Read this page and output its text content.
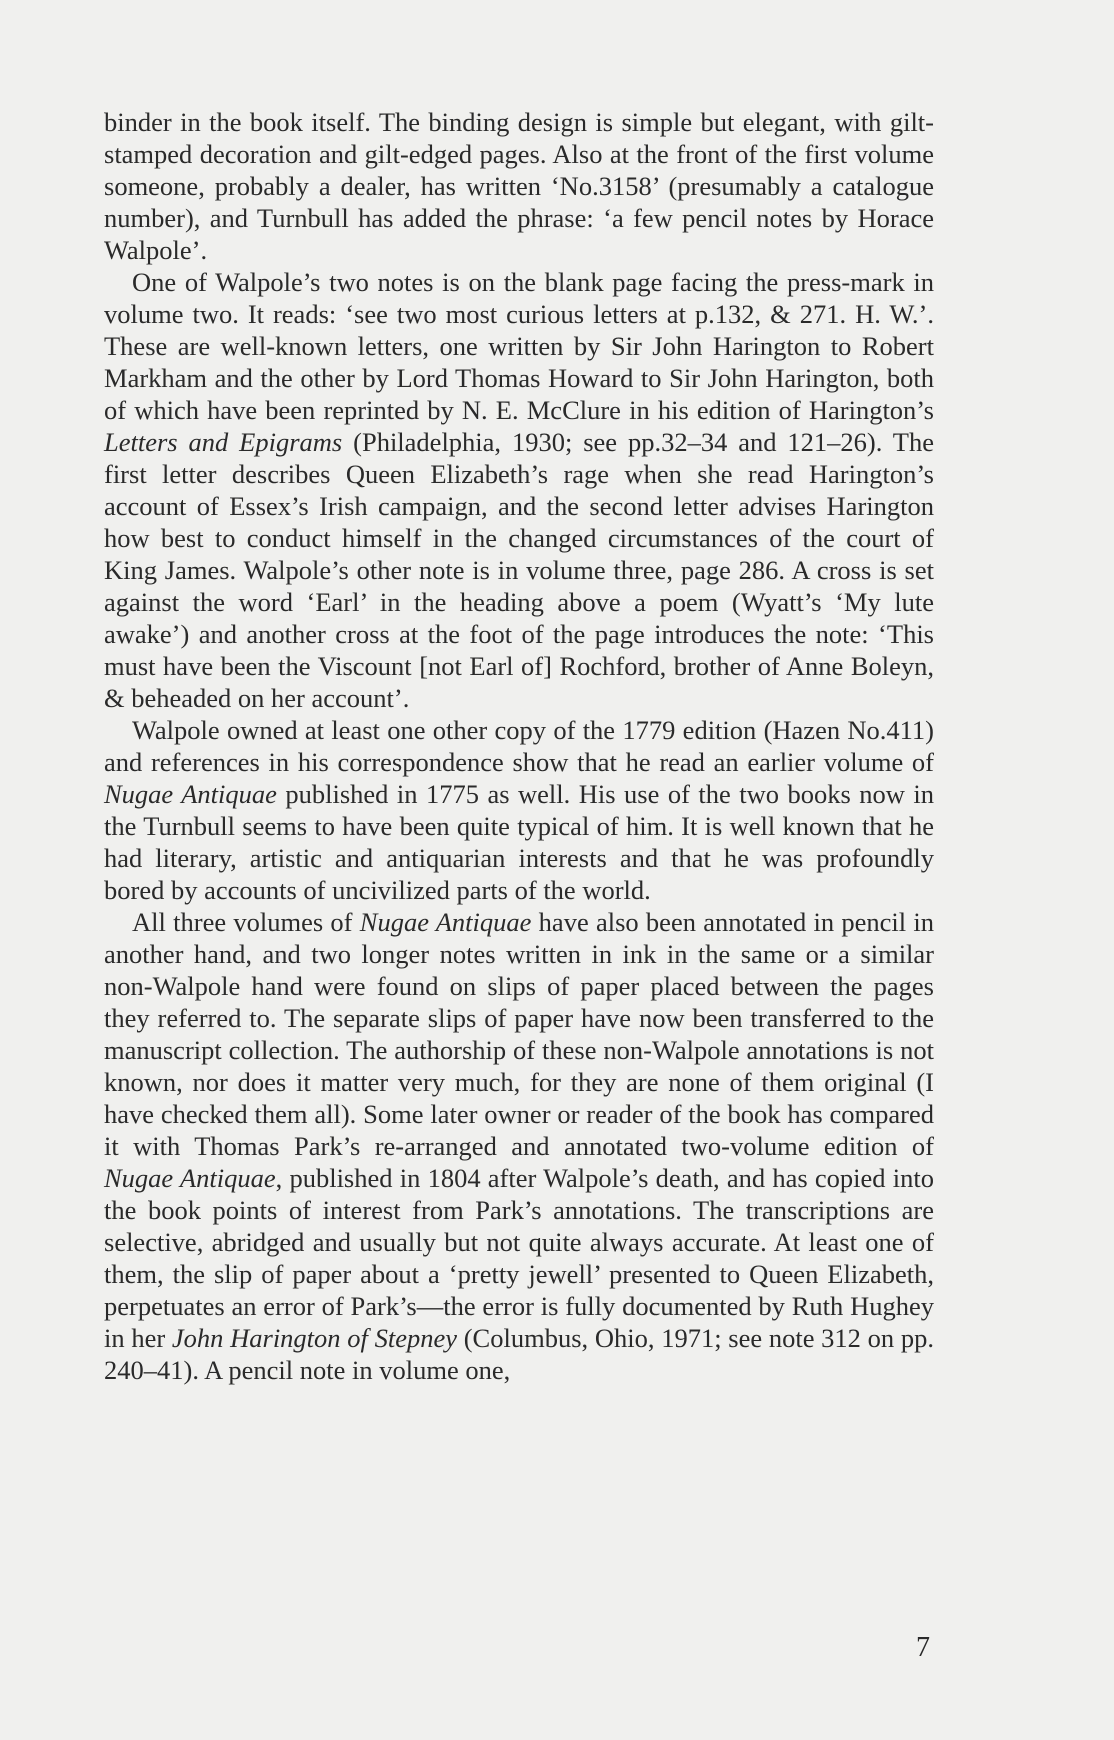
binder in the book itself. The binding design is simple but elegant, with gilt-stamped decoration and gilt-edged pages. Also at the front of the first volume someone, probably a dealer, has written ‘No.3158’ (presumably a catalogue number), and Turnbull has added the phrase: ‘a few pencil notes by Horace Walpole’.

One of Walpole’s two notes is on the blank page facing the press-mark in volume two. It reads: ‘see two most curious letters at p.132, & 271. H. W.’. These are well-known letters, one written by Sir John Harington to Robert Markham and the other by Lord Thomas Howard to Sir John Harington, both of which have been reprinted by N. E. McClure in his edition of Harington’s Letters and Epigrams (Philadelphia, 1930; see pp.32–34 and 121–26). The first letter describes Queen Elizabeth’s rage when she read Harington’s account of Essex’s Irish campaign, and the second letter advises Harington how best to conduct himself in the changed circumstances of the court of King James. Walpole’s other note is in volume three, page 286. A cross is set against the word ‘Earl’ in the heading above a poem (Wyatt’s ‘My lute awake’) and another cross at the foot of the page introduces the note: ‘This must have been the Viscount [not Earl of] Rochford, brother of Anne Boleyn, & beheaded on her account’.

Walpole owned at least one other copy of the 1779 edition (Hazen No.411) and references in his correspondence show that he read an earlier volume of Nugae Antiquae published in 1775 as well. His use of the two books now in the Turnbull seems to have been quite typical of him. It is well known that he had literary, artistic and antiquarian interests and that he was profoundly bored by accounts of uncivilized parts of the world.

All three volumes of Nugae Antiquae have also been annotated in pencil in another hand, and two longer notes written in ink in the same or a similar non-Walpole hand were found on slips of paper placed between the pages they referred to. The separate slips of paper have now been transferred to the manuscript collection. The authorship of these non-Walpole annotations is not known, nor does it matter very much, for they are none of them original (I have checked them all). Some later owner or reader of the book has compared it with Thomas Park’s re-arranged and annotated two-volume edition of Nugae Antiquae, published in 1804 after Walpole’s death, and has copied into the book points of interest from Park’s annotations. The transcriptions are selective, abridged and usually but not quite always accurate. At least one of them, the slip of paper about a ‘pretty jewell’ presented to Queen Elizabeth, perpetuates an error of Park’s—the error is fully documented by Ruth Hughey in her John Harington of Stepney (Columbus, Ohio, 1971; see note 312 on pp. 240–41). A pencil note in volume one,

7
